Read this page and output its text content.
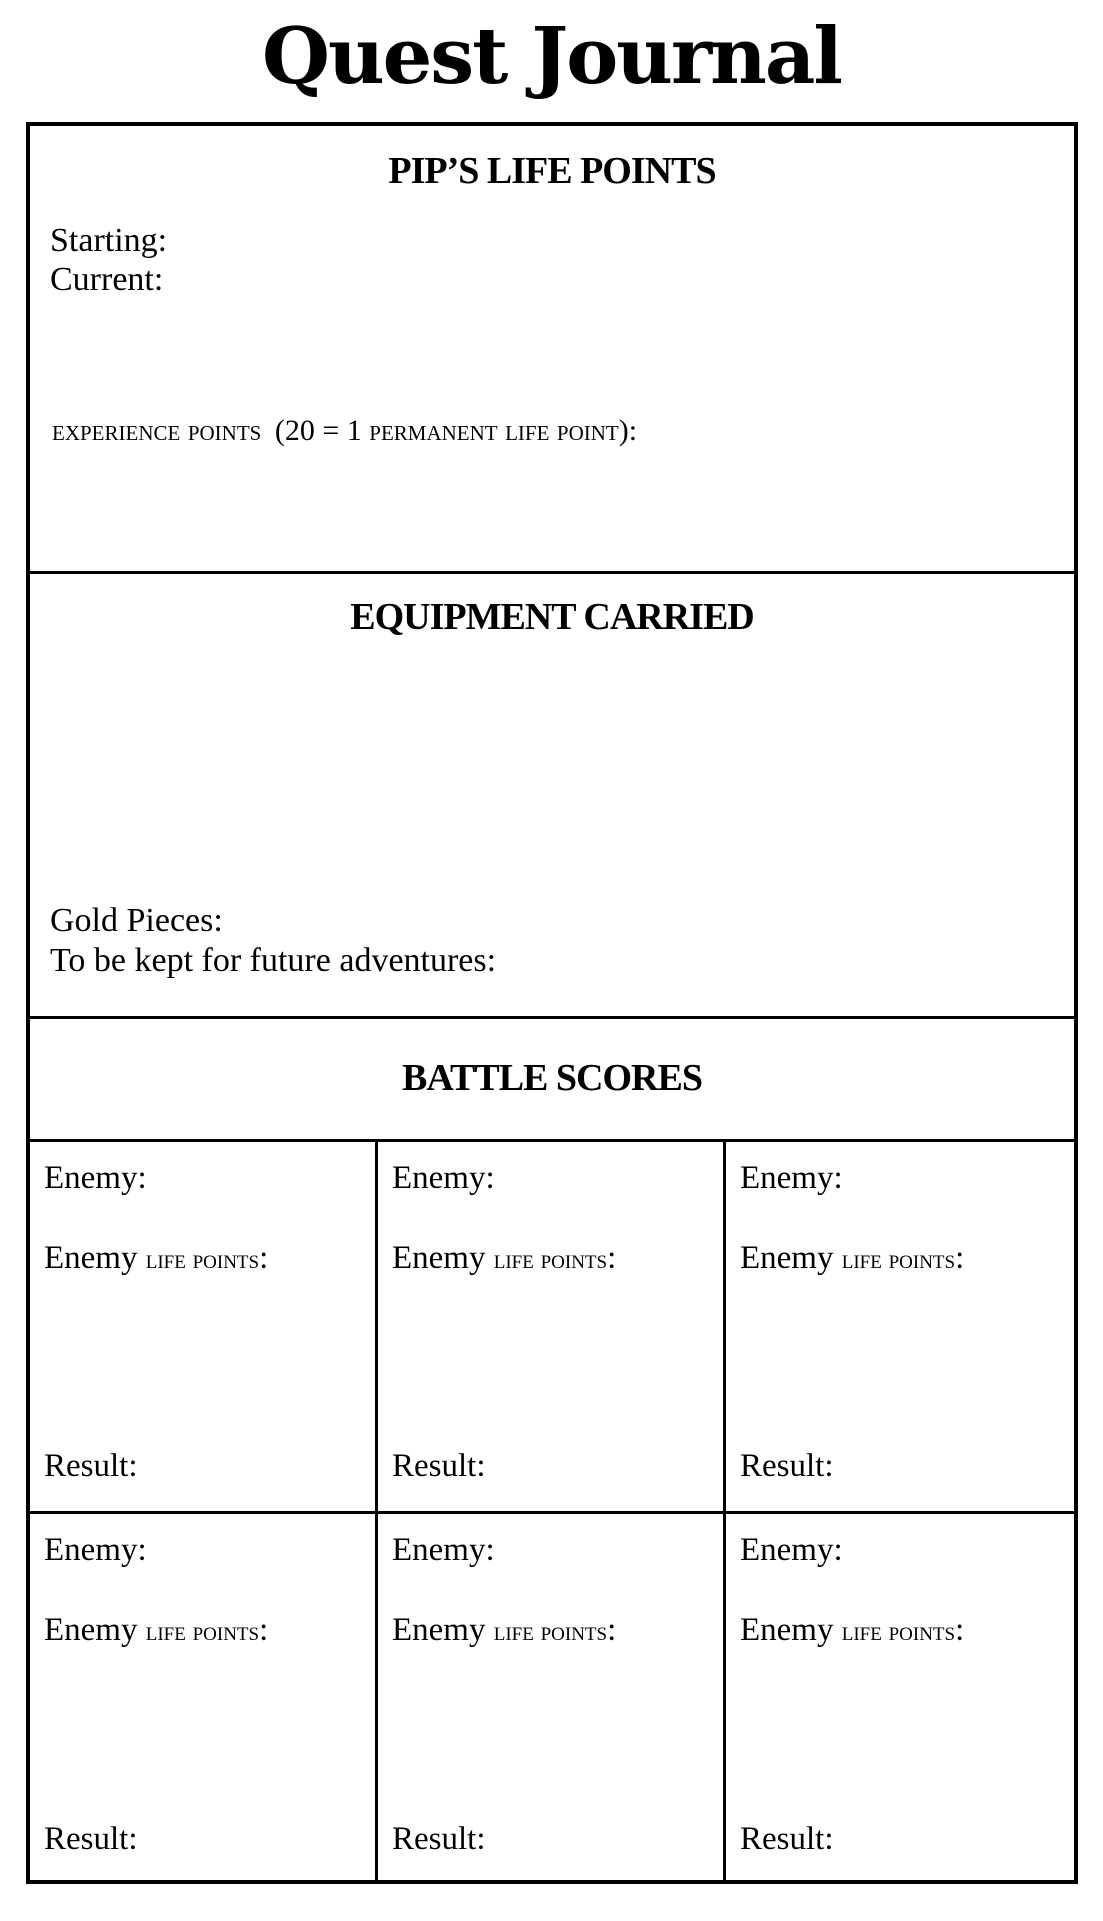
Quest Journal
PIP’S LIFE POINTS
Starting:
Current:
experience points (20 = 1 permanent life point):
EQUIPMENT CARRIED
Gold Pieces:
To be kept for future adventures:
BATTLE SCORES
Enemy:
Enemy life points:
Result:
Enemy:
Enemy life points:
Result:
Enemy:
Enemy life points:
Result:
Enemy:
Enemy life points:
Result:
Enemy:
Enemy life points:
Result:
Enemy:
Enemy life points:
Result:
